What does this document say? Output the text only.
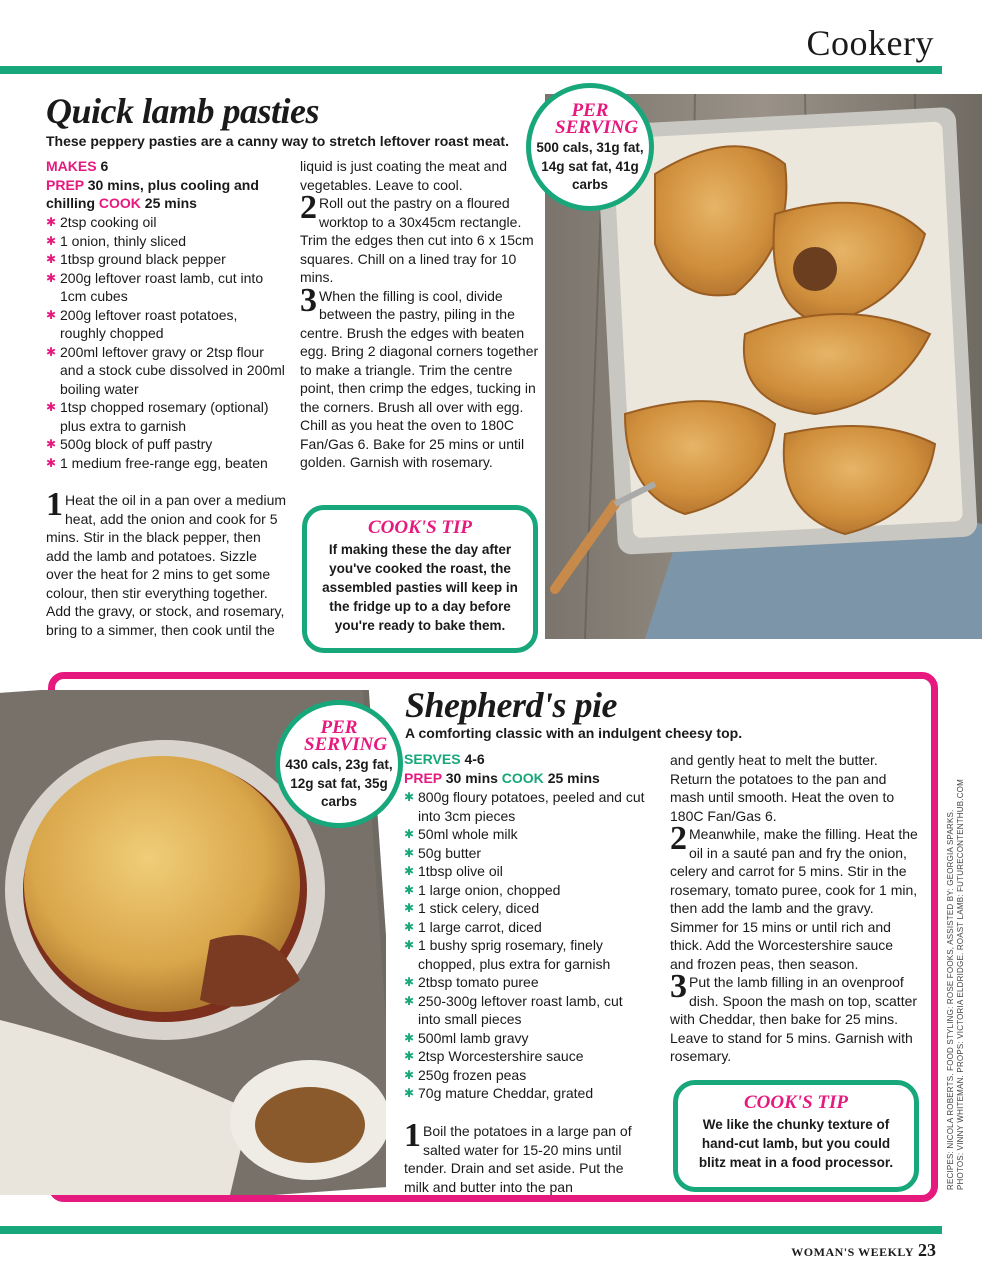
Cookery
Quick lamb pasties
These peppery pasties are a canny way to stretch leftover roast meat.
MAKES 6
PREP 30 mins, plus cooling and chilling COOK 25 mins
✱ 2tsp cooking oil
✱ 1 onion, thinly sliced
✱ 1tbsp ground black pepper
✱ 200g leftover roast lamb, cut into 1cm cubes
✱ 200g leftover roast potatoes, roughly chopped
✱ 200ml leftover gravy or 2tsp flour and a stock cube dissolved in 200ml boiling water
✱ 1tsp chopped rosemary (optional) plus extra to garnish
✱ 500g block of puff pastry
✱ 1 medium free-range egg, beaten
1 Heat the oil in a pan over a medium heat, add the onion and cook for 5 mins. Stir in the black pepper, then add the lamb and potatoes. Sizzle over the heat for 2 mins to get some colour, then stir everything together. Add the gravy, or stock, and rosemary, bring to a simmer, then cook until the
liquid is just coating the meat and vegetables. Leave to cool.
2 Roll out the pastry on a floured worktop to a 30x45cm rectangle. Trim the edges then cut into 6 x 15cm squares. Chill on a lined tray for 10 mins.
3 When the filling is cool, divide between the pastry, piling in the centre. Brush the edges with beaten egg. Bring 2 diagonal corners together to make a triangle. Trim the centre point, then crimp the edges, tucking in the corners. Brush all over with egg. Chill as you heat the oven to 180C Fan/Gas 6. Bake for 25 mins or until golden. Garnish with rosemary.
COOK'S TIP
If making these the day after you've cooked the roast, the assembled pasties will keep in the fridge up to a day before you're ready to bake them.
PER SERVING
500 cals, 31g fat, 14g sat fat, 41g carbs
PER SERVING
430 cals, 23g fat, 12g sat fat, 35g carbs
Shepherd's pie
A comforting classic with an indulgent cheesy top.
SERVES 4-6
PREP 30 mins COOK 25 mins
✱ 800g floury potatoes, peeled and cut into 3cm pieces
✱ 50ml whole milk
✱ 50g butter
✱ 1tbsp olive oil
✱ 1 large onion, chopped
✱ 1 stick celery, diced
✱ 1 large carrot, diced
✱ 1 bushy sprig rosemary, finely chopped, plus extra for garnish
✱ 2tbsp tomato puree
✱ 250-300g leftover roast lamb, cut into small pieces
✱ 500ml lamb gravy
✱ 2tsp Worcestershire sauce
✱ 250g frozen peas
✱ 70g mature Cheddar, grated
1 Boil the potatoes in a large pan of salted water for 15-20 mins until tender. Drain and set aside. Put the milk and butter into the pan
and gently heat to melt the butter. Return the potatoes to the pan and mash until smooth. Heat the oven to 180C Fan/Gas 6.
2 Meanwhile, make the filling. Heat the oil in a sauté pan and fry the onion, celery and carrot for 5 mins. Stir in the rosemary, tomato puree, cook for 1 min, then add the lamb and the gravy. Simmer for 15 mins or until rich and thick. Add the Worcestershire sauce and frozen peas, then season.
3 Put the lamb filling in an ovenproof dish. Spoon the mash on top, scatter with Cheddar, then bake for 25 mins. Leave to stand for 5 mins. Garnish with rosemary.
COOK'S TIP
We like the chunky texture of hand-cut lamb, but you could blitz meat in a food processor.	RECIPES: NICOLA ROBERTS. FOOD STYLING: ROSE FOOKS, ASSISTED BY: GEORGIA SPARKS. PHOTOS: VINNY WHITEMAN. PROPS: VICTORIA ELDRIDGE. ROAST LAMB: FUTURECONTENTHUB.COM
WOMAN'S WEEKLY 23
